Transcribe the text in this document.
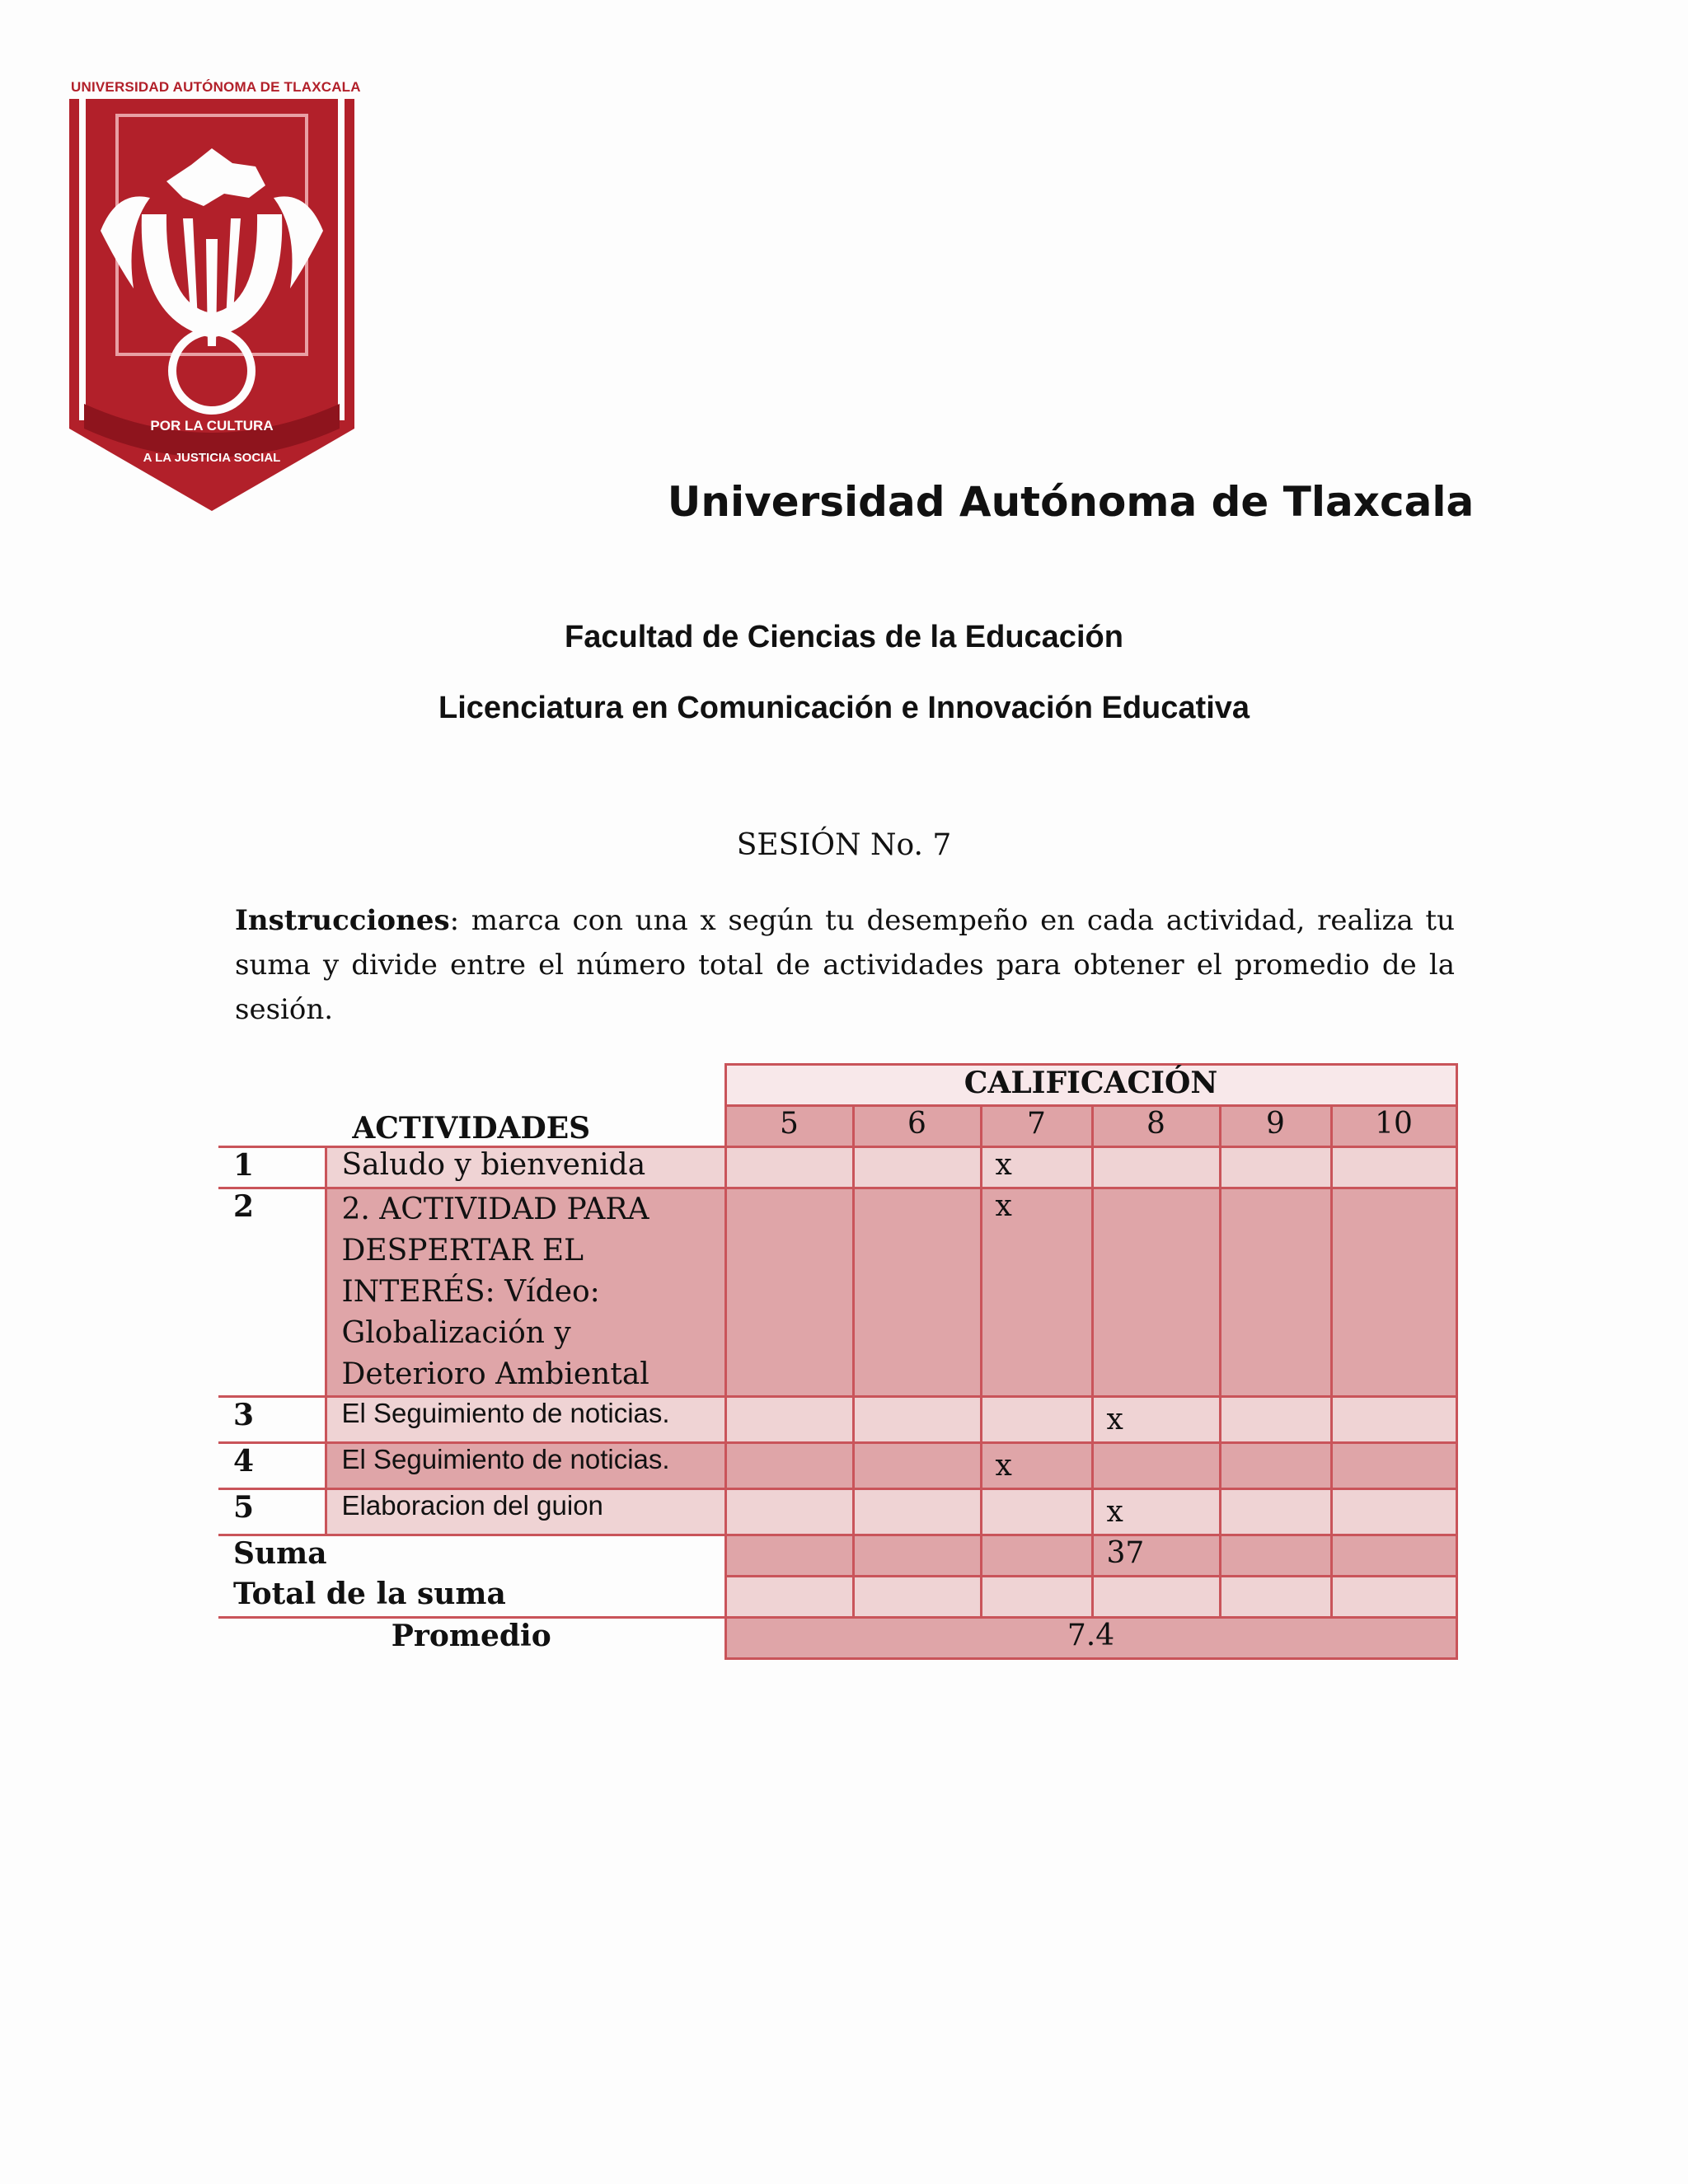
UNIVERSIDAD AUTÓNOMA DE TLAXCALA
POR LA CULTURA
A LA JUSTICIA SOCIAL
Universidad Autónoma de Tlaxcala
Facultad de Ciencias de la Educación
Licenciatura en Comunicación e Innovación Educativa
SESIÓN No. 7
Instrucciones: marca con una x según tu desempeño en cada actividad, realiza tu suma y divide entre el número total de actividades para obtener el promedio de la sesión.
		CALIFICACIÓN					
ACTIVIDADES		5	6	7	8	9	10
1	Saludo y bienvenida			x			
2	2. ACTIVIDAD PARA DESPERTAR EL INTERÉS: Vídeo: Globalización y Deterioro Ambiental			x			
3	El Seguimiento de noticias.				x		
4	El Seguimiento de noticias.			x			
5	Elaboracion del guion				x		
Suma					37		
Total de la suma							
Promedio		7.4					
